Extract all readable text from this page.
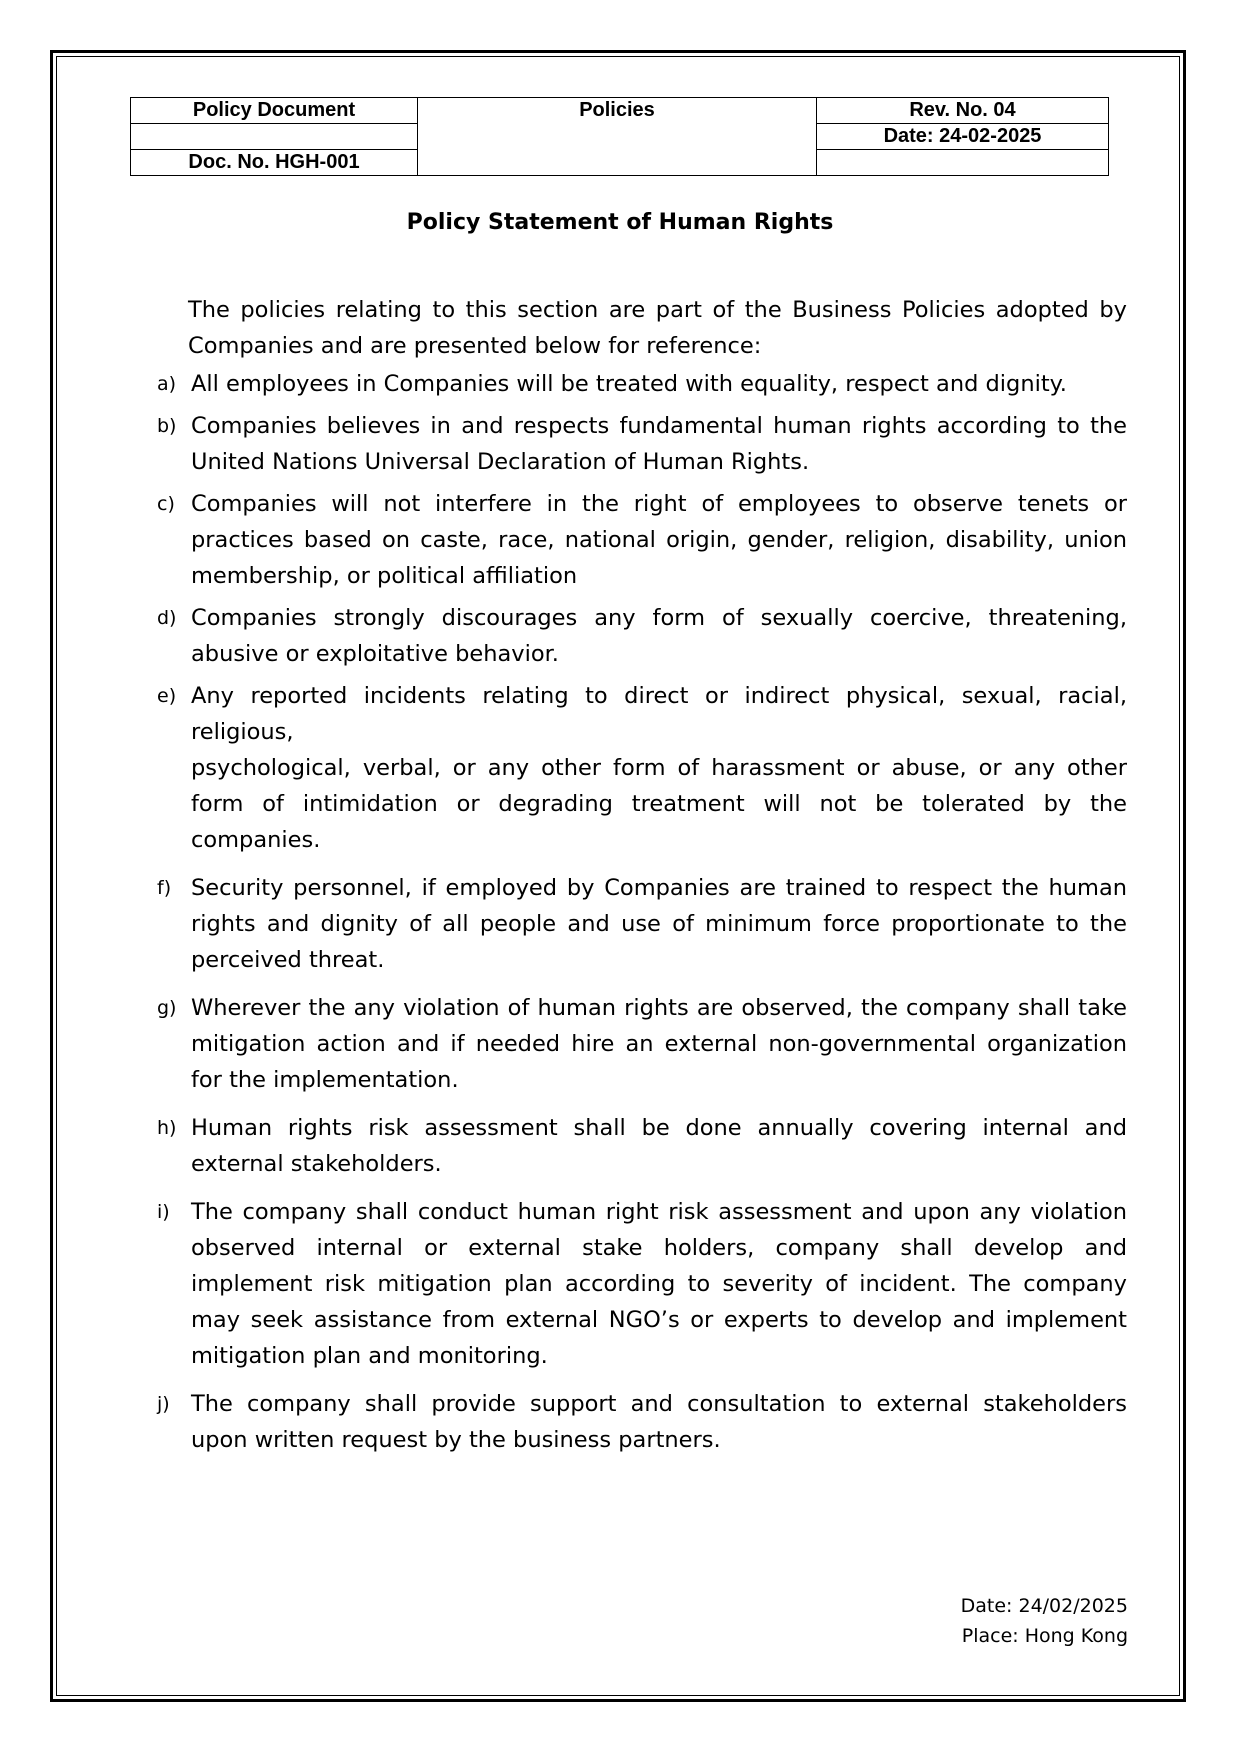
Policy Document	Policies	Rev. No. 04
		Date: 24-02-2025
Doc. No. HGH-001		
Policy Statement of Human Rights
The policies relating to this section are part of the Business Policies adopted by Companies and are presented below for reference:
a) All employees in Companies will be treated with equality, respect and dignity.
b) Companies believes in and respects fundamental human rights according to the United Nations Universal Declaration of Human Rights.
c) Companies will not interfere in the right of employees to observe tenets or practices based on caste, race, national origin, gender, religion, disability, union membership, or political affiliation
d) Companies strongly discourages any form of sexually coercive, threatening, abusive or exploitative behavior.
e) Any reported incidents relating to direct or indirect physical, sexual, racial, religious,
psychological, verbal, or any other form of harassment or abuse, or any other form of intimidation or degrading treatment will not be tolerated by the companies.
f) Security personnel, if employed by Companies are trained to respect the human rights and dignity of all people and use of minimum force proportionate to the perceived threat.
g) Wherever the any violation of human rights are observed, the company shall take mitigation action and if needed hire an external non-governmental organization for the implementation.
h) Human rights risk assessment shall be done annually covering internal and external stakeholders.
i) The company shall conduct human right risk assessment and upon any violation observed internal or external stake holders, company shall develop and implement risk mitigation plan according to severity of incident. The company may seek assistance from external NGO’s or experts to develop and implement mitigation plan and monitoring.
j) The company shall provide support and consultation to external stakeholders upon written request by the business partners.
Date: 24/02/2025
Place: Hong Kong
